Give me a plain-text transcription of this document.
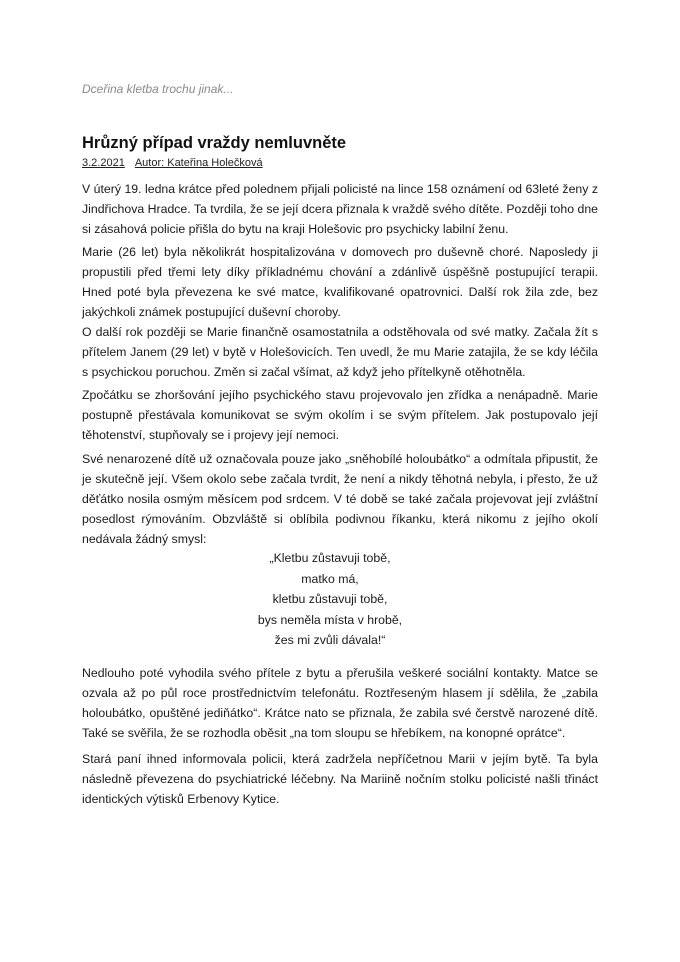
Dceřina kletba trochu jinak...
Hrůzný případ vraždy nemluvněte
3.2.2021 Autor: Kateřina Holečková

V úterý 19. ledna krátce před polednem přijali policisté na lince 158 oznámení od 63leté ženy z Jindřichova Hradce. Ta tvrdila, že se její dcera přiznala k vraždě svého dítěte. Později toho dne si zásahová policie přišla do bytu na kraji Holešovic pro psychicky labilní ženu.

Marie (26 let) byla několikrát hospitalizována v domovech pro duševně choré. Naposledy ji propustili před třemi lety díky příkladnému chování a zdánlivě úspěšně postupující terapii. Hned poté byla převezena ke své matce, kvalifikované opatrovnici. Další rok žila zde, bez jakýchkoli známek postupující duševní choroby.

O další rok později se Marie finančně osamostatnila a odstěhovala od své matky. Začala žít s přítelem Janem (29 let) v bytě v Holešovicích. Ten uvedl, že mu Marie zatajila, že se kdy léčila s psychickou poruchou. Změn si začal všímat, až když jeho přítelkyně otěhotněla.

Zpočátku se zhoršování jejího psychického stavu projevovalo jen zřídka a nenápadně. Marie postupně přestávala komunikovat se svým okolím i se svým přítelem. Jak postupovalo její těhotenství, stupňovaly se i projevy její nemoci.

Své nenarozené dítě už označovala pouze jako „sněhobílé holoubátko“ a odmítala připustit, že je skutečně její. Všem okolo sebe začala tvrdit, že není a nikdy těhotná nebyla, i přesto, že už děťátko nosila osmým měsícem pod srdcem. V té době se také začala projevovat její zvláštní posedlost rýmováním. Obzvláště si oblíbila podivnou říkanku, která nikomu z jejího okolí nedávala žádný smysl:

„Kletbu zůstavuji tobě,
matko má,
kletbu zůstavuji tobě,
bys neměla místa v hrobě,
žes mi zvůli dávala!“

Nedlouho poté vyhodila svého přítele z bytu a přerušila veškeré sociální kontakty. Matce se ozvala až po půl roce prostřednictvím telefonátu. Roztřeseným hlasem jí sdělila, že „zabila holoubátko, opuštěné jediňátko“. Krátce nato se přiznala, že zabila své čerstvě narozené dítě. Také se svěřila, že se rozhodla oběsit „na tom sloupu se hřebíkem, na konopné oprátce“.

Stará paní ihned informovala policii, která zadržela nepříčetnou Marii v jejím bytě. Ta byla následně převezena do psychiatrické léčebny. Na Mariině nočním stolku policisté našli třináct identických výtisků Erbenovy Kytice.
